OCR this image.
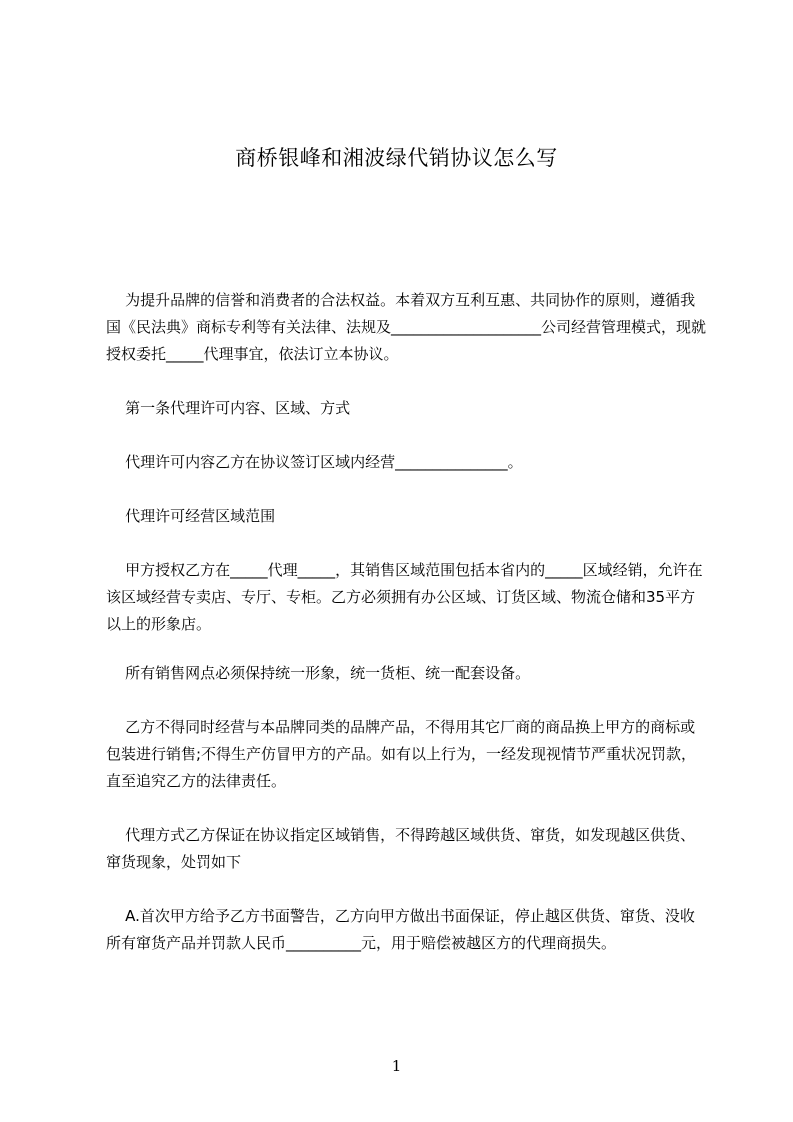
商桥银峰和湘波绿代销协议怎么写

为提升品牌的信誉和消费者的合法权益。本着双方互利互惠、共同协作的原则，遵循我国《民法典》商标专利等有关法律、法规及____________________公司经营管理模式，现就授权委托_____代理事宜，依法订立本协议。

第一条代理许可内容、区域、方式

代理许可内容乙方在协议签订区域内经营_______________。

代理许可经营区域范围

甲方授权乙方在_____代理_____，其销售区域范围包括本省内的_____区域经销，允许在该区域经营专卖店、专厅、专柜。乙方必须拥有办公区域、订货区域、物流仓储和35平方以上的形象店。

所有销售网点必须保持统一形象，统一货柜、统一配套设备。

乙方不得同时经营与本品牌同类的品牌产品，不得用其它厂商的商品换上甲方的商标或包装进行销售;不得生产仿冒甲方的产品。如有以上行为，一经发现视情节严重状况罚款，直至追究乙方的法律责任。

代理方式乙方保证在协议指定区域销售，不得跨越区域供货、窜货，如发现越区供货、窜货现象，处罚如下

A.首次甲方给予乙方书面警告，乙方向甲方做出书面保证，停止越区供货、窜货、没收所有窜货产品并罚款人民币__________元，用于赔偿被越区方的代理商损失。

1
